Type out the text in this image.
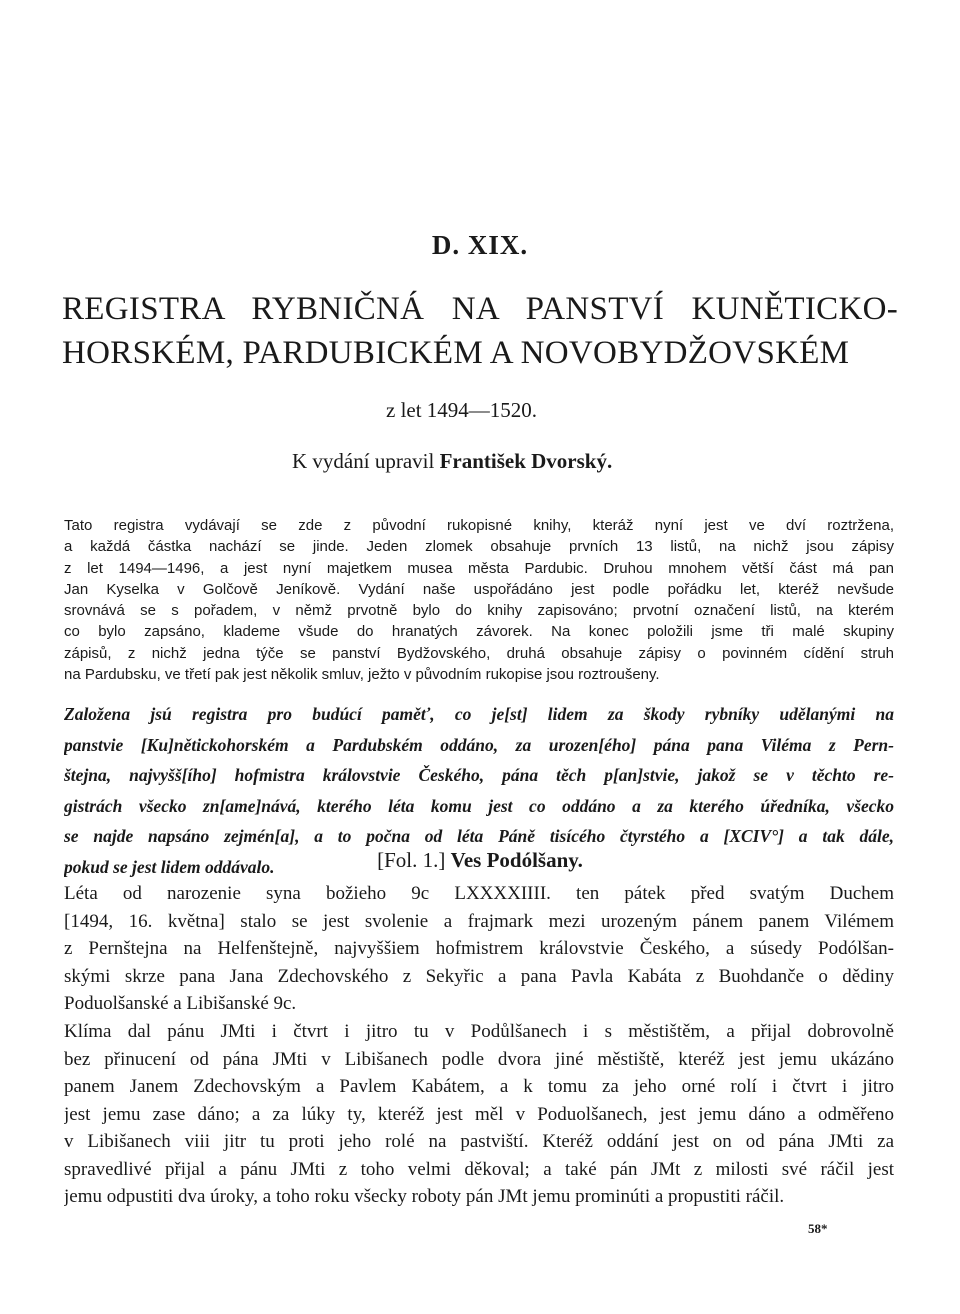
D. XIX.
REGISTRA RYBNIČNÁ NA PANSTVÍ KUNĚTICKO-
HORSKÉM, PARDUBICKÉM A NOVOBYDŽOVSKÉM
z let 1494—1520.
K vydání upravil František Dvorský.

Tato registra vydávají se zde z původní rukopisné knihy, kteráž nyní jest ve dví roztržena,
a každá částka nachází se jinde. Jeden zlomek obsahuje prvních 13 listů, na nichž jsou zápisy
z let 1494—1496, a jest nyní majetkem musea města Pardubic. Druhou mnohem větší část má pan
Jan Kyselka v Golčově Jeníkově. Vydání naše uspořádáno jest podle pořádku let, kteréž nevšude
srovnává se s pořadem, v němž prvotně bylo do knihy zapisováno; prvotní označení listů, na kterém
co bylo zapsáno, klademe všude do hranatých závorek. Na konec položili jsme tři malé skupiny
zápisů, z nichž jedna týče se panství Bydžovského, druhá obsahuje zápisy o povinném cídění struh
na Pardubsku, ve třetí pak jest několik smluv, ježto v původním rukopise jsou roztroušeny.

Založena jsú registra pro budúcí paměť, co je[st] lidem za škody rybníky udělanými na
panstvie [Ku]nětickohorském a Pardubském oddáno, za urozen[ého] pána pana Viléma z Pern-
štejna, najvyšš[ího] hofmistra královstvie Českého, pána těch p[an]stvie, jakož se v těchto re-
gistrách všecko zn[ame]nává, kterého léta komu jest co oddáno a za kterého úředníka, všecko
se najde napsáno zejmén[a], a to počna od léta Páně tisícého čtyrstého a [XCIV°] a tak dále,
pokud se jest lidem oddávalo.	[Fol. 1.] Ves Podólšany.

Léta od narozenie syna božieho 9c LXXXXIIII. ten pátek před svatým Duchem
[1494, 16. května] stalo se jest svolenie a frajmark mezi urozeným pánem panem Vilémem
z Pernštejna na Helfenštejně, najvyššiem hofmistrem královstvie Českého, a súsedy Podólšan-
skými skrze pana Jana Zdechovského z Sekyřic a pana Pavla Kabáta z Buohdanče o dědiny
Poduolšanské a Libišanské 9c.

Klíma dal pánu JMti i čtvrt i jitro tu v Podůlšanech i s městištěm, a přijal dobrovolně
bez přinucení od pána JMti v Libišanech podle dvora jiné městiště, kteréž jest jemu ukázáno
panem Janem Zdechovským a Pavlem Kabátem, a k tomu za jeho orné rolí i čtvrt i jitro
jest jemu zase dáno; a za lúky ty, kteréž jest měl v Poduolšanech, jest jemu dáno a odměřeno
v Libišanech viii jitr tu proti jeho rolé na pastviští. Kteréž oddání jest on od pána JMti za
spravedlivé přijal a pánu JMti z toho velmi děkoval; a také pán JMt z milosti své ráčil jest
jemu odpustiti dva úroky, a toho roku všecky roboty pán JMt jemu prominúti a propustiti ráčil.

58*
